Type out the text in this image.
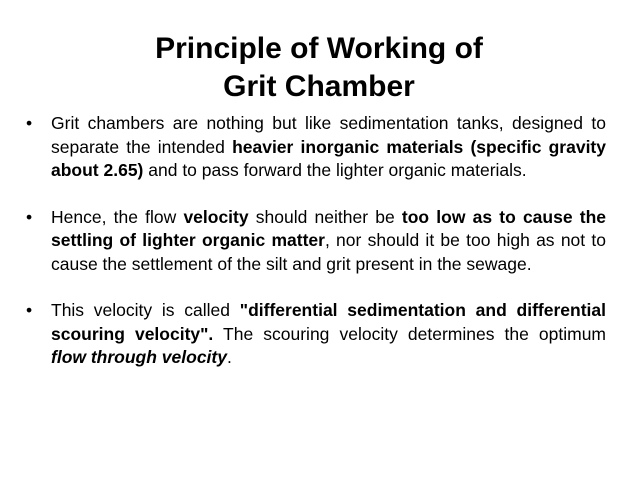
Principle of Working of
Grit Chamber
• Grit chambers are nothing but like sedimentation tanks, designed to separate the intended heavier inorganic materials (specific gravity about 2.65) and to pass forward the lighter organic materials.
• Hence, the flow velocity should neither be too low as to cause the settling of lighter organic matter, nor should it be too high as not to cause the settlement of the silt and grit present in the sewage.
• This velocity is called "differential sedimentation and differential scouring velocity". The scouring velocity determines the optimum flow through velocity.
